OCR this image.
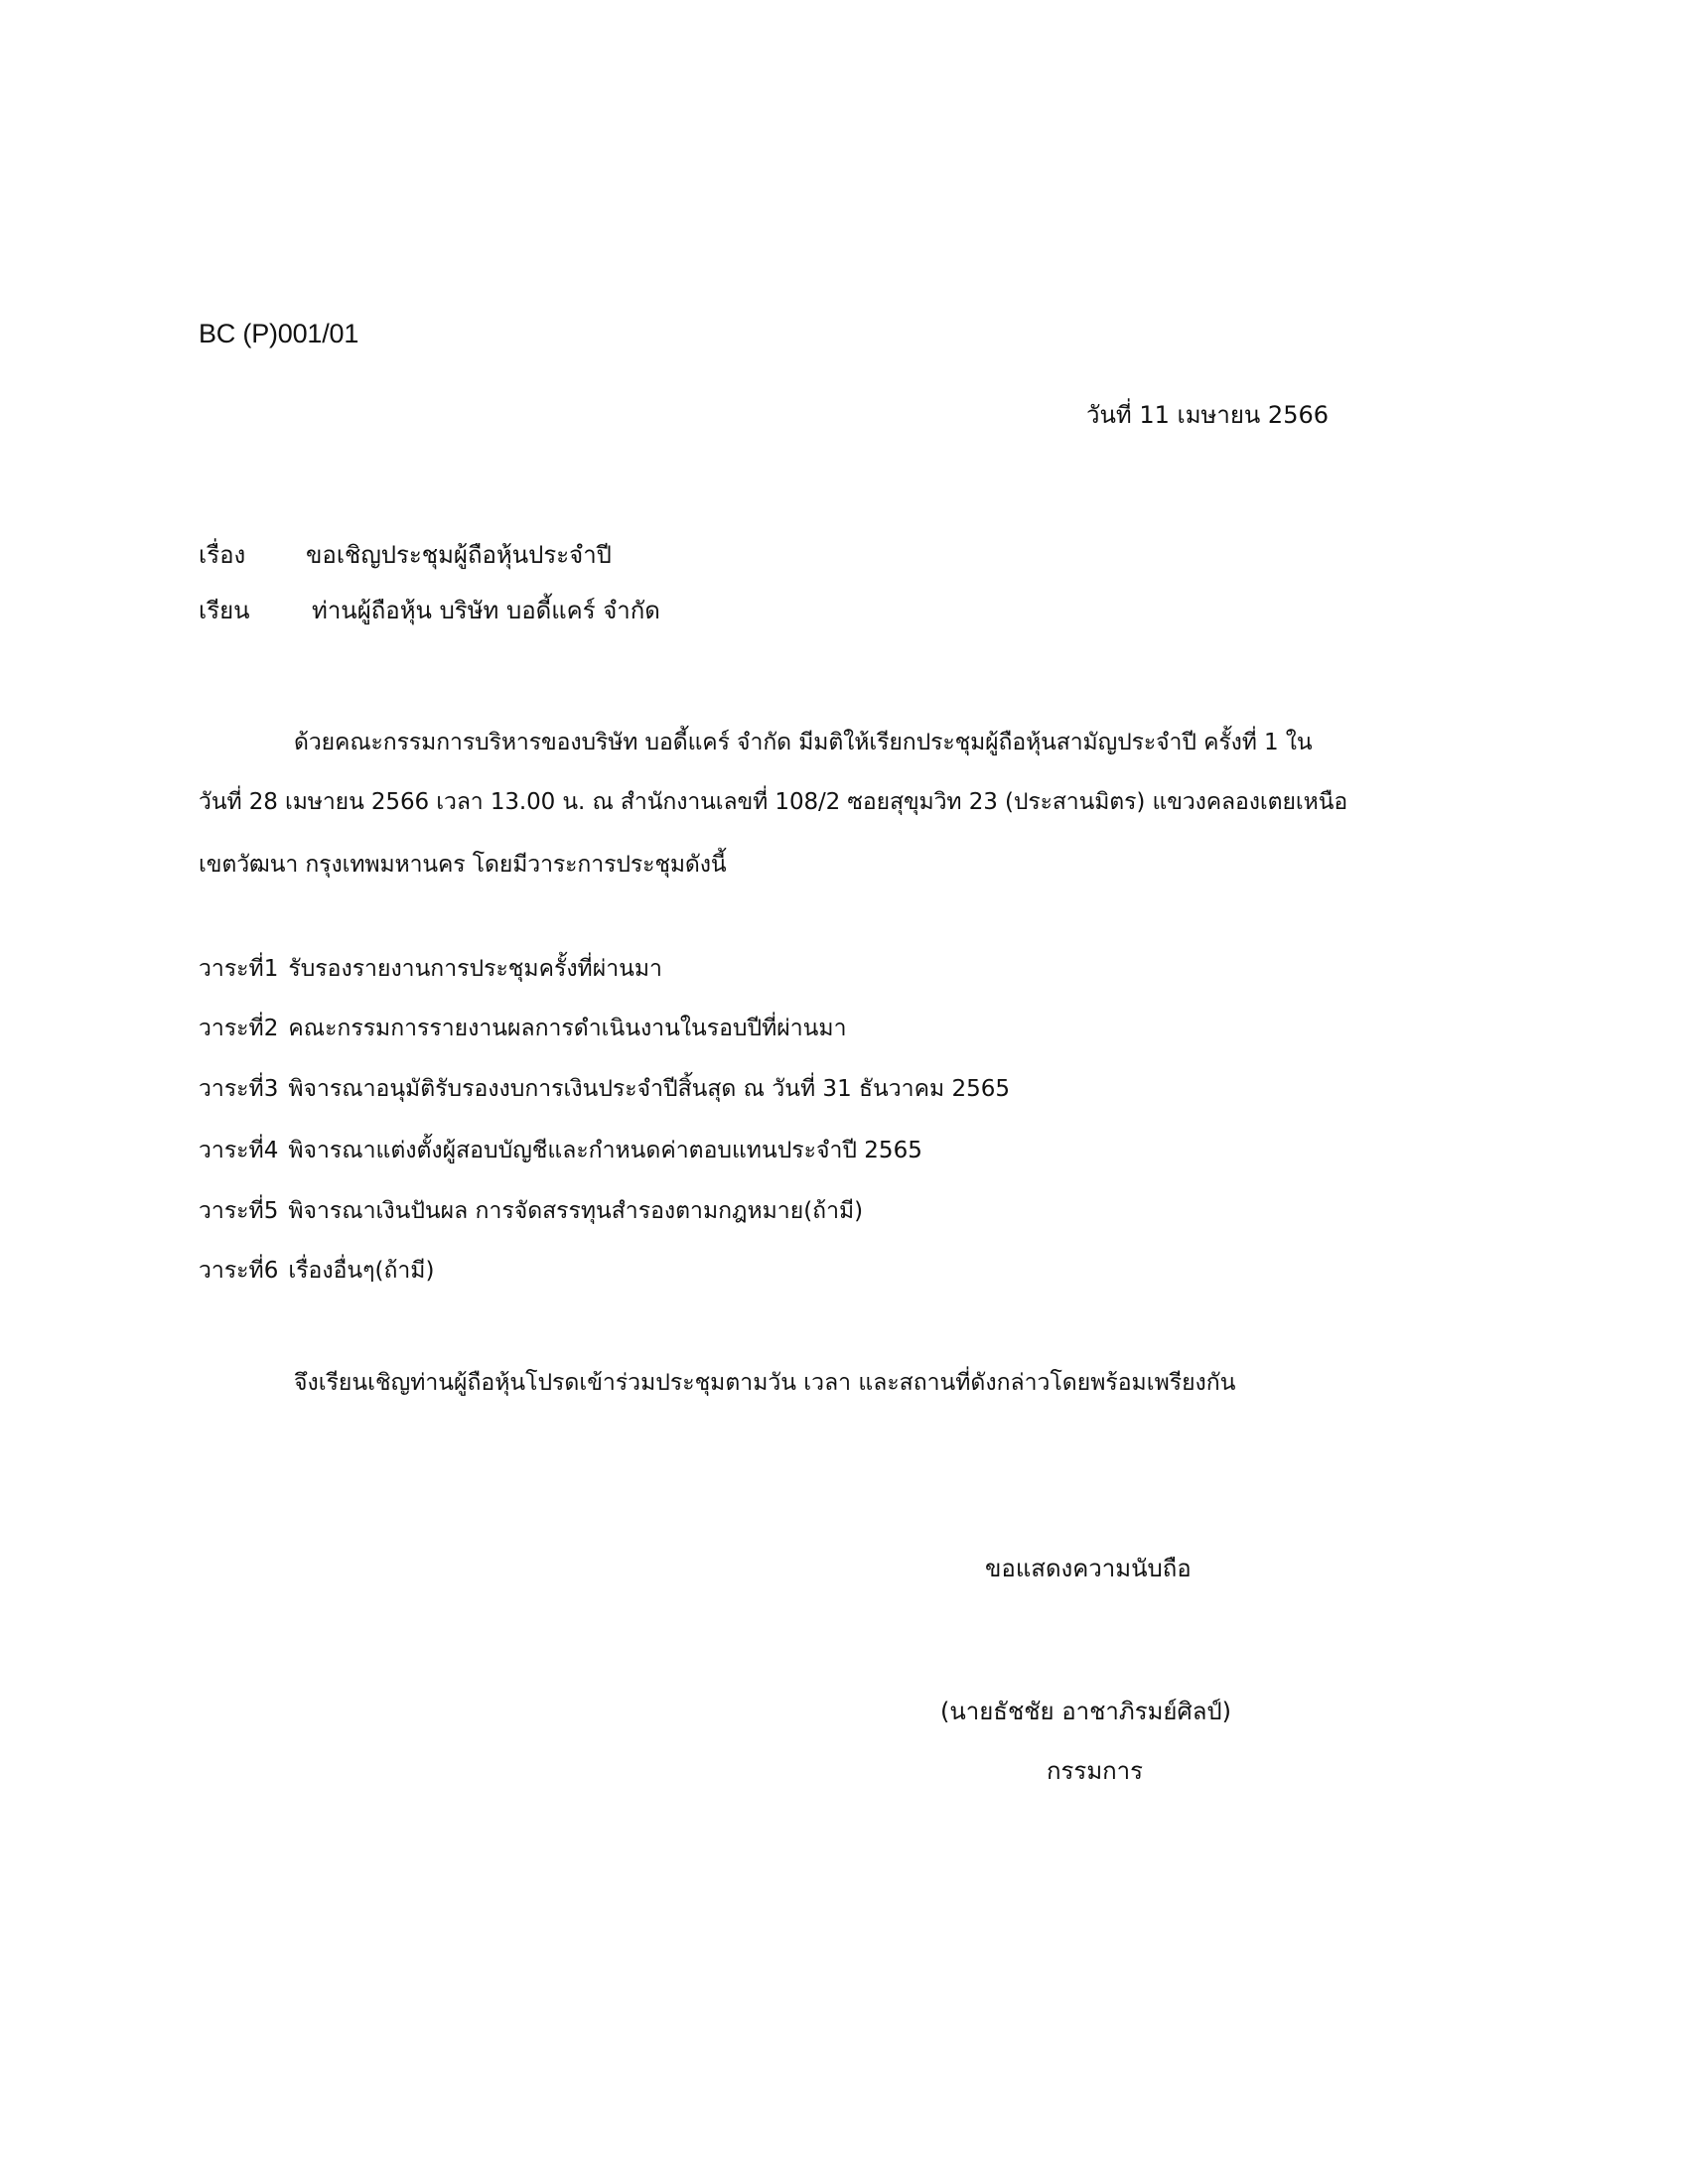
BC (P)001/01
วันที่ 11 เมษายน 2566
เรื่อง	ขอเชิญประชุมผู้ถือหุ้นประจำปี
เรียน	ท่านผู้ถือหุ้น บริษัท บอดี้แคร์ จำกัด
ด้วยคณะกรรมการบริหารของบริษัท บอดี้แคร์ จำกัด มีมติให้เรียกประชุมผู้ถือหุ้นสามัญประจำปี ครั้งที่ 1 ใน
วันที่ 28 เมษายน 2566 เวลา 13.00 น. ณ สำนักงานเลขที่ 108/2 ซอยสุขุมวิท 23 (ประสานมิตร) แขวงคลองเตยเหนือ
เขตวัฒนา กรุงเทพมหานคร โดยมีวาระการประชุมดังนี้
วาระที่1 รับรองรายงานการประชุมครั้งที่ผ่านมา
วาระที่2 คณะกรรมการรายงานผลการดำเนินงานในรอบปีที่ผ่านมา
วาระที่3 พิจารณาอนุมัติรับรองงบการเงินประจำปีสิ้นสุด ณ วันที่ 31 ธันวาคม 2565
วาระที่4 พิจารณาแต่งตั้งผู้สอบบัญชีและกำหนดค่าตอบแทนประจำปี 2565
วาระที่5 พิจารณาเงินปันผล การจัดสรรทุนสำรองตามกฎหมาย(ถ้ามี)
วาระที่6 เรื่องอื่นๆ(ถ้ามี)
จึงเรียนเชิญท่านผู้ถือหุ้นโปรดเข้าร่วมประชุมตามวัน เวลา และสถานที่ดังกล่าวโดยพร้อมเพรียงกัน
ขอแสดงความนับถือ
(นายธัชชัย อาชาภิรมย์ศิลป์)
กรรมการ
